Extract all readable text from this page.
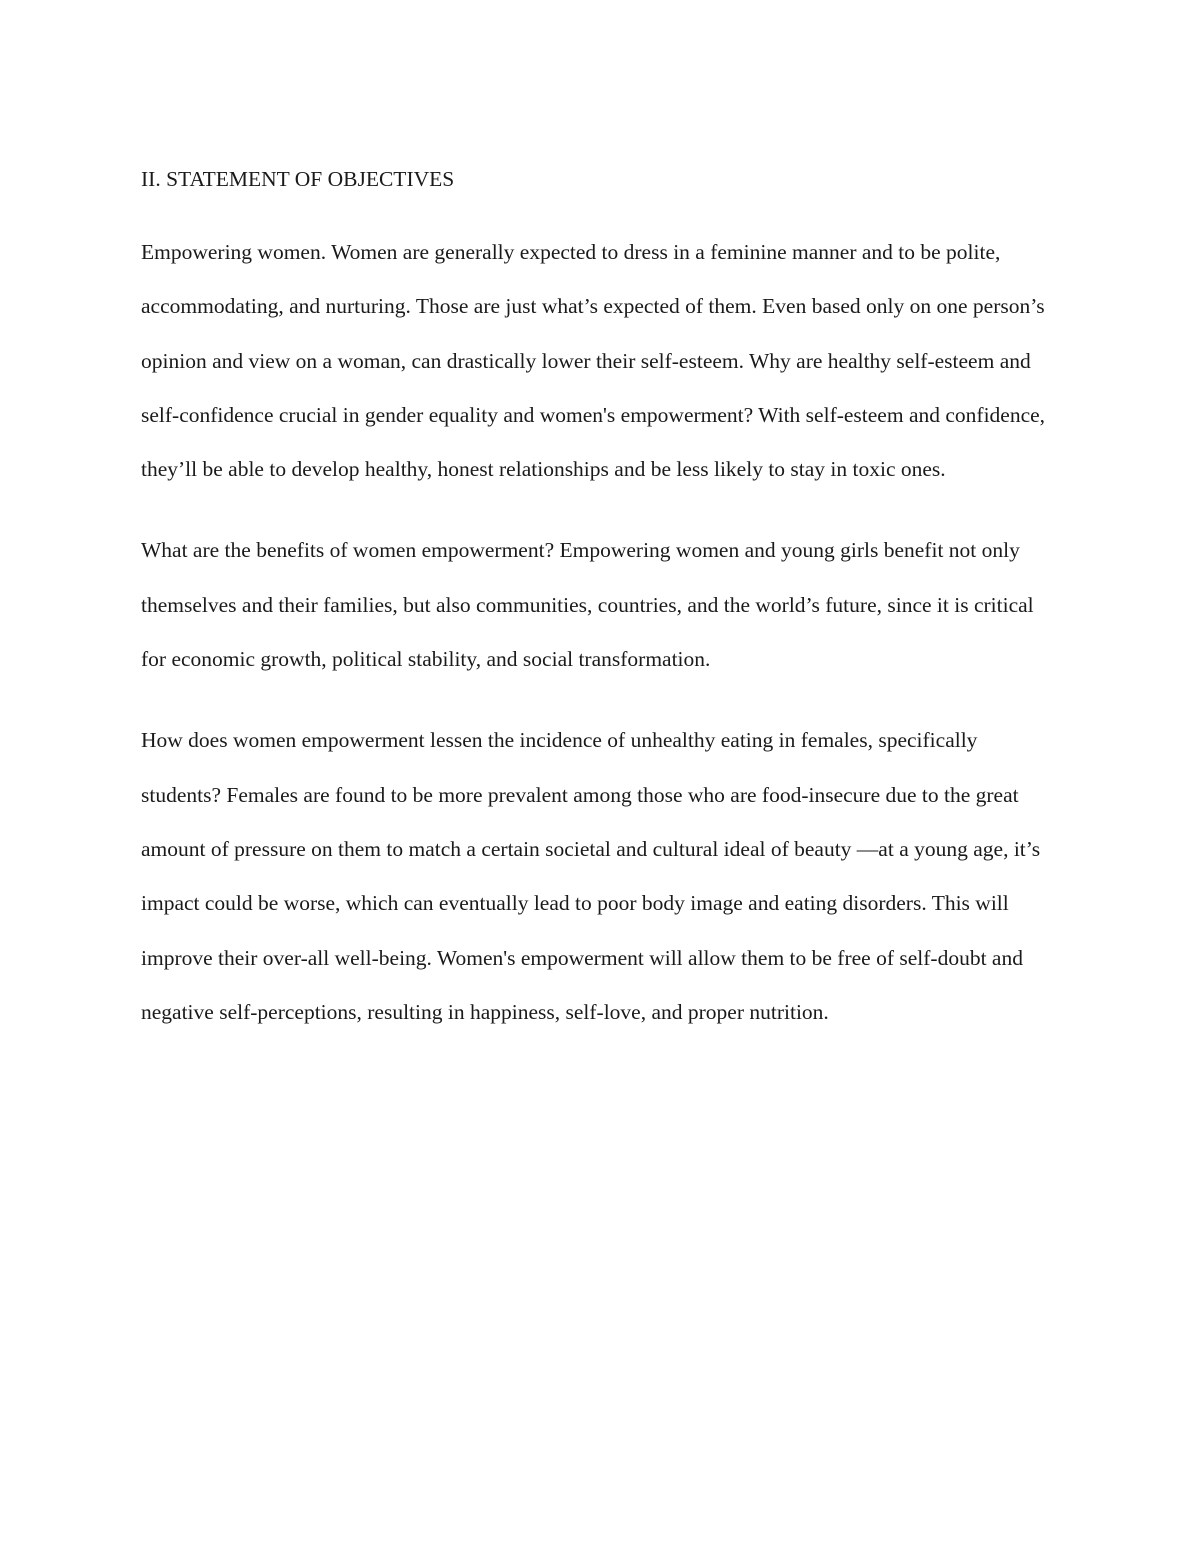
II. STATEMENT OF OBJECTIVES

Empowering women. Women are generally expected to dress in a feminine manner and to be polite, accommodating, and nurturing. Those are just what’s expected of them. Even based only on one person’s opinion and view on a woman, can drastically lower their self-esteem. Why are healthy self-esteem and self-confidence crucial in gender equality and women's empowerment? With self-esteem and confidence, they’ll be able to develop healthy, honest relationships and be less likely to stay in toxic ones.

What are the benefits of women empowerment? Empowering women and young girls benefit not only themselves and their families, but also communities, countries, and the world’s future, since it is critical for economic growth, political stability, and social transformation.

How does women empowerment lessen the incidence of unhealthy eating in females, specifically students? Females are found to be more prevalent among those who are food-insecure due to the great amount of pressure on them to match a certain societal and cultural ideal of beauty —at a young age, it’s impact could be worse, which can eventually lead to poor body image and eating disorders. This will improve their over-all well-being. Women's empowerment will allow them to be free of self-doubt and negative self-perceptions, resulting in happiness, self-love, and proper nutrition.
